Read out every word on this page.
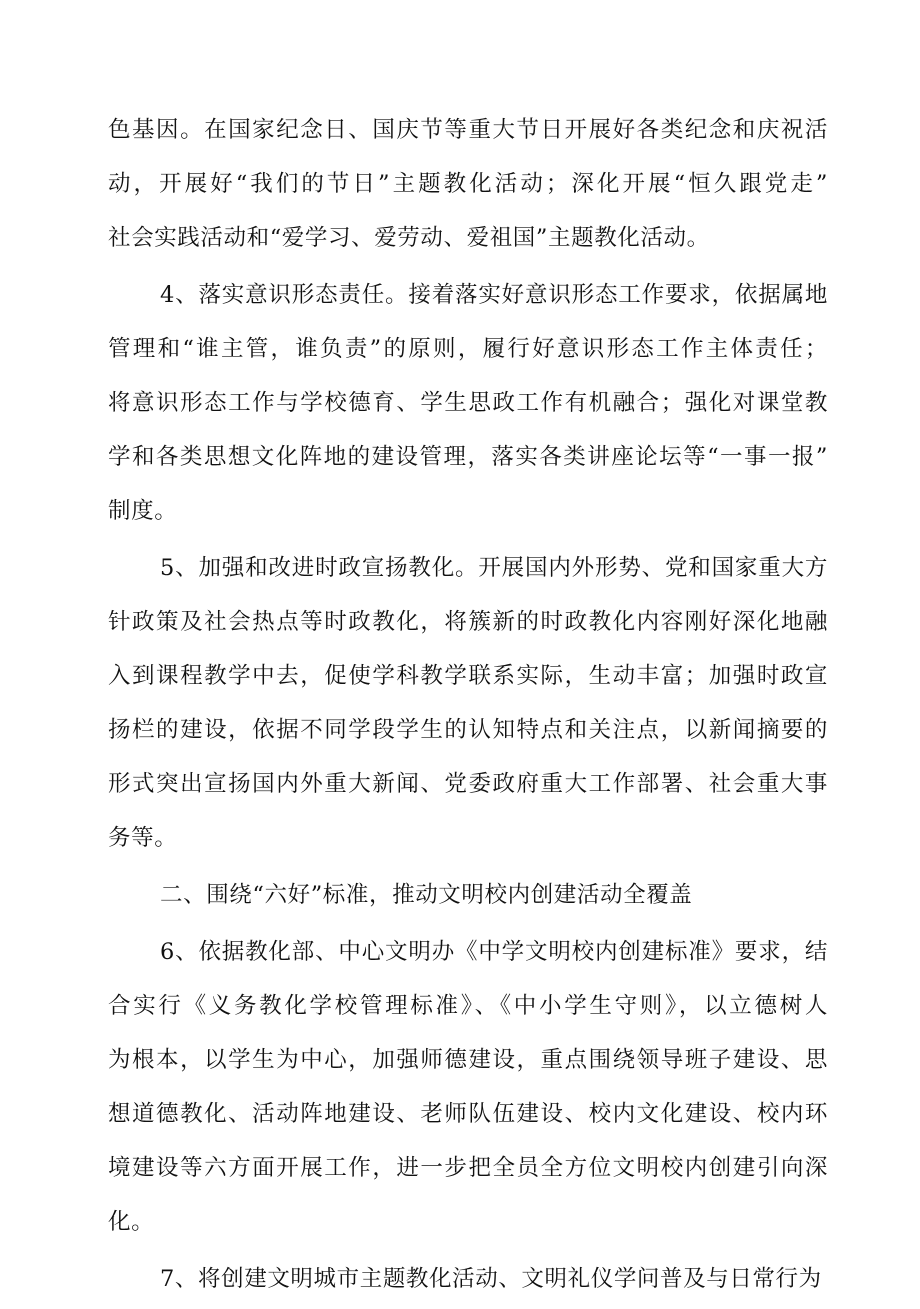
色基因。在国家纪念日、国庆节等重大节日开展好各类纪念和庆祝活
动，开展好“我们的节日”主题教化活动；深化开展“恒久跟党走”
社会实践活动和“爱学习、爱劳动、爱祖国”主题教化活动。
4、落实意识形态责任。接着落实好意识形态工作要求，依据属地
管理和“谁主管，谁负责”的原则，履行好意识形态工作主体责任；
将意识形态工作与学校德育、学生思政工作有机融合；强化对课堂教
学和各类思想文化阵地的建设管理，落实各类讲座论坛等“一事一报”
制度。
5、加强和改进时政宣扬教化。开展国内外形势、党和国家重大方
针政策及社会热点等时政教化，将簇新的时政教化内容刚好深化地融
入到课程教学中去，促使学科教学联系实际，生动丰富；加强时政宣
扬栏的建设，依据不同学段学生的认知特点和关注点，以新闻摘要的
形式突出宣扬国内外重大新闻、党委政府重大工作部署、社会重大事
务等。
二、围绕“六好”标准，推动文明校内创建活动全覆盖
6、依据教化部、中心文明办《中学文明校内创建标准》要求，结
合实行《义务教化学校管理标准》、《中小学生守则》，以立德树人
为根本，以学生为中心，加强师德建设，重点围绕领导班子建设、思
想道德教化、活动阵地建设、老师队伍建设、校内文化建设、校内环
境建设等六方面开展工作，进一步把全员全方位文明校内创建引向深
化。
7、将创建文明城市主题教化活动、文明礼仪学问普及与日常行为
